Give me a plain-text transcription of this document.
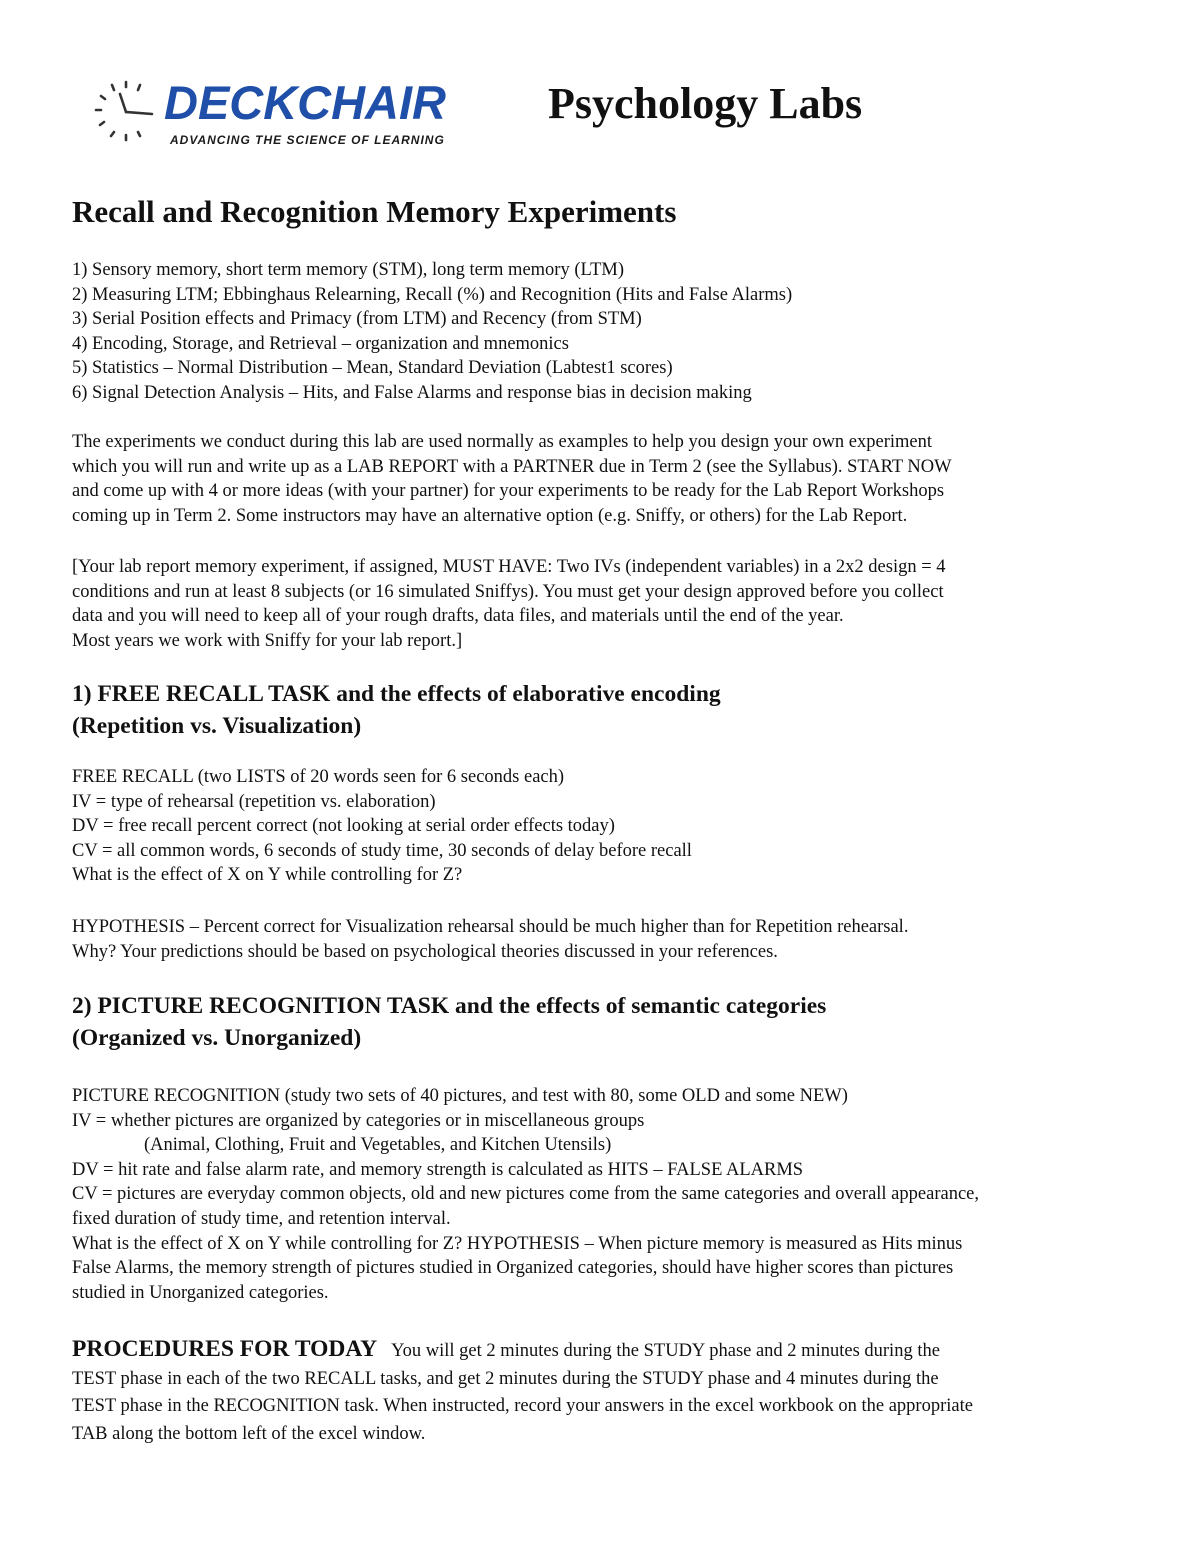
DECKCHAIR
ADVANCING THE SCIENCE OF LEARNING
Psychology Labs
Recall and Recognition Memory Experiments
1) Sensory memory, short term memory (STM), long term memory (LTM)
2) Measuring LTM; Ebbinghaus Relearning, Recall (%) and Recognition (Hits and False Alarms)
3) Serial Position effects and Primacy (from LTM) and Recency (from STM)
4) Encoding, Storage, and Retrieval – organization and mnemonics
5) Statistics – Normal Distribution – Mean, Standard Deviation (Labtest1 scores)
6) Signal Detection Analysis – Hits, and False Alarms and response bias in decision making
The experiments we conduct during this lab are used normally as examples to help you design your own experiment
which you will run and write up as a LAB REPORT with a PARTNER due in Term 2 (see the Syllabus). START NOW
and come up with 4 or more ideas (with your partner) for your experiments to be ready for the Lab Report Workshops
coming up in Term 2. Some instructors may have an alternative option (e.g. Sniffy, or others) for the Lab Report.
[Your lab report memory experiment, if assigned, MUST HAVE: Two IVs (independent variables) in a 2x2 design = 4
conditions and run at least 8 subjects (or 16 simulated Sniffys). You must get your design approved before you collect
data and you will need to keep all of your rough drafts, data files, and materials until the end of the year.
Most years we work with Sniffy for your lab report.]
1) FREE RECALL TASK and the effects of elaborative encoding
(Repetition vs. Visualization)
FREE RECALL (two LISTS of 20 words seen for 6 seconds each)
IV = type of rehearsal (repetition vs. elaboration)
DV = free recall percent correct (not looking at serial order effects today)
CV = all common words, 6 seconds of study time, 30 seconds of delay before recall
What is the effect of X on Y while controlling for Z?
HYPOTHESIS – Percent correct for Visualization rehearsal should be much higher than for Repetition rehearsal.
Why? Your predictions should be based on psychological theories discussed in your references.
2) PICTURE RECOGNITION TASK and the effects of semantic categories
(Organized vs. Unorganized)
PICTURE RECOGNITION (study two sets of 40 pictures, and test with 80, some OLD and some NEW)
IV = whether pictures are organized by categories or in miscellaneous groups
(Animal, Clothing, Fruit and Vegetables, and Kitchen Utensils)
DV = hit rate and false alarm rate, and memory strength is calculated as HITS – FALSE ALARMS
CV = pictures are everyday common objects, old and new pictures come from the same categories and overall appearance,
fixed duration of study time, and retention interval.
What is the effect of X on Y while controlling for Z? HYPOTHESIS – When picture memory is measured as Hits minus
False Alarms, the memory strength of pictures studied in Organized categories, should have higher scores than pictures
studied in Unorganized categories.
PROCEDURES FOR TODAY You will get 2 minutes during the STUDY phase and 2 minutes during the
TEST phase in each of the two RECALL tasks, and get 2 minutes during the STUDY phase and 4 minutes during the
TEST phase in the RECOGNITION task. When instructed, record your answers in the excel workbook on the appropriate
TAB along the bottom left of the excel window.
